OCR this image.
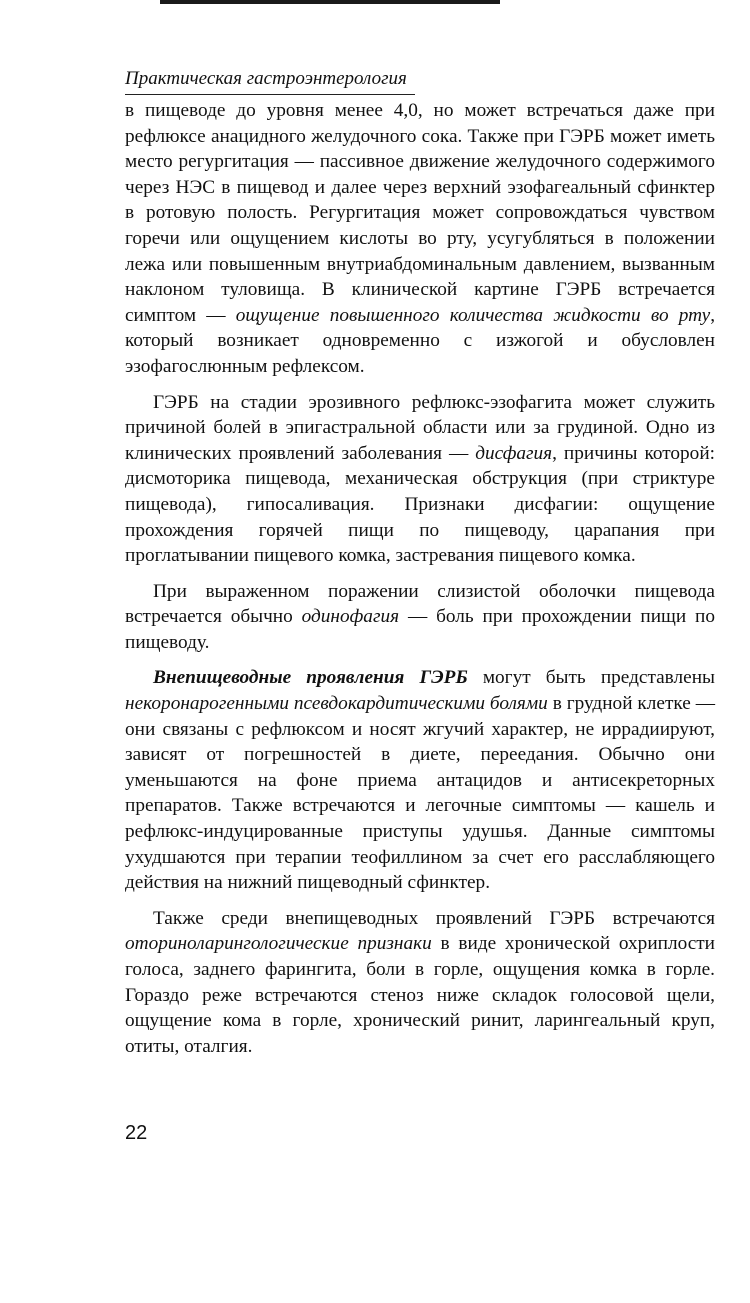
Практическая гастроэнтерология

в пищеводе до уровня менее 4,0, но может встречаться даже при рефлюксе анацидного желудочного сока. Также при ГЭРБ может иметь место регургитация — пассивное движение желудочного содержимого через НЭС в пищевод и далее через верхний эзофагеальный сфинктер в ротовую полость. Регургитация может сопровождаться чувством горечи или ощущением кислоты во рту, усугубляться в положении лежа или повышенным внутриабдоминальным давлением, вызванным наклоном туловища. В клинической картине ГЭРБ встречается симптом — ощущение повышенного количества жидкости во рту, который возникает одновременно с изжогой и обусловлен эзофагослюнным рефлексом.

ГЭРБ на стадии эрозивного рефлюкс-эзофагита может служить причиной болей в эпигастральной области или за грудиной. Одно из клинических проявлений заболевания — дисфагия, причины которой: дисмоторика пищевода, механическая обструкция (при стриктуре пищевода), гипосаливация. Признаки дисфагии: ощущение прохождения горячей пищи по пищеводу, царапания при проглатывании пищевого комка, застревания пищевого комка.

При выраженном поражении слизистой оболочки пищевода встречается обычно одинофагия — боль при прохождении пищи по пищеводу.

Внепищеводные проявления ГЭРБ могут быть представлены некоронарогенными псевдокардитическими болями в грудной клетке — они связаны с рефлюксом и носят жгучий характер, не иррадиируют, зависят от погрешностей в диете, переедания. Обычно они уменьшаются на фоне приема антацидов и антисекреторных препаратов. Также встречаются и легочные симптомы — кашель и рефлюкс-индуцированные приступы удушья. Данные симптомы ухудшаются при терапии теофиллином за счет его расслабляющего действия на нижний пищеводный сфинктер.

Также среди внепищеводных проявлений ГЭРБ встречаются оториноларингологические признаки в виде хронической охриплости голоса, заднего фарингита, боли в горле, ощущения комка в горле. Гораздо реже встречаются стеноз ниже складок голосовой щели, ощущение кома в горле, хронический ринит, ларингеальный круп, отиты, оталгия.

22
